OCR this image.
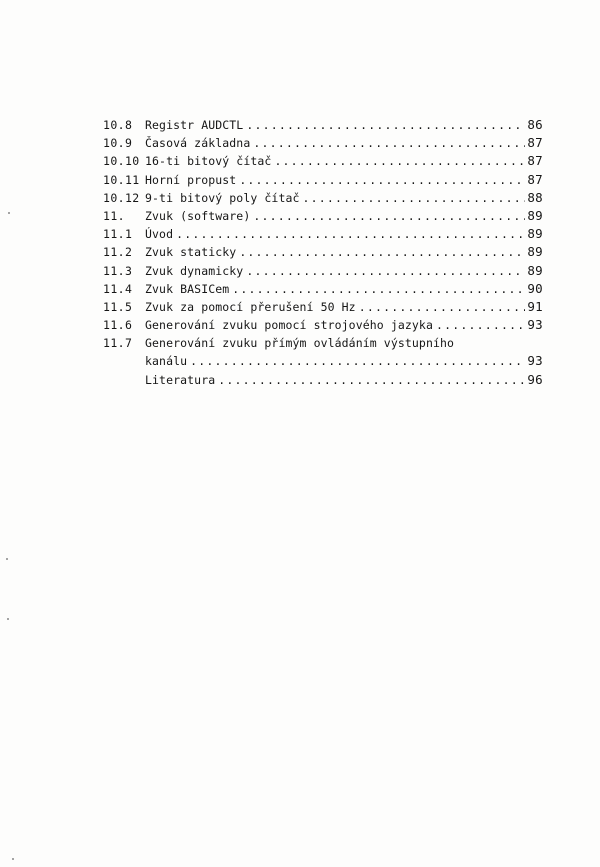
10.8	Registr AUDCTL .....	86
10.9	Časová základna .....	87
10.10 16-ti bitový čítač .....	87
10.11 Horní propust .....	87
10.12 9-ti bitový poly čítač .....	88
11.	Zvuk (software) .....	89
11.1	Úvod .....	89
11.2	Zvuk staticky .....	89
11.3	Zvuk dynamicky .....	89
11.4	Zvuk BASICem .....	90
11.5	Zvuk za pomocí přerušení 50 Hz .....	91
11.6	Generování zvuku pomocí strojového jazyka .....	93
11.7	Generování zvuku přímým ovládáním výstupního
kanálu .....	93
Literatura .....	96
